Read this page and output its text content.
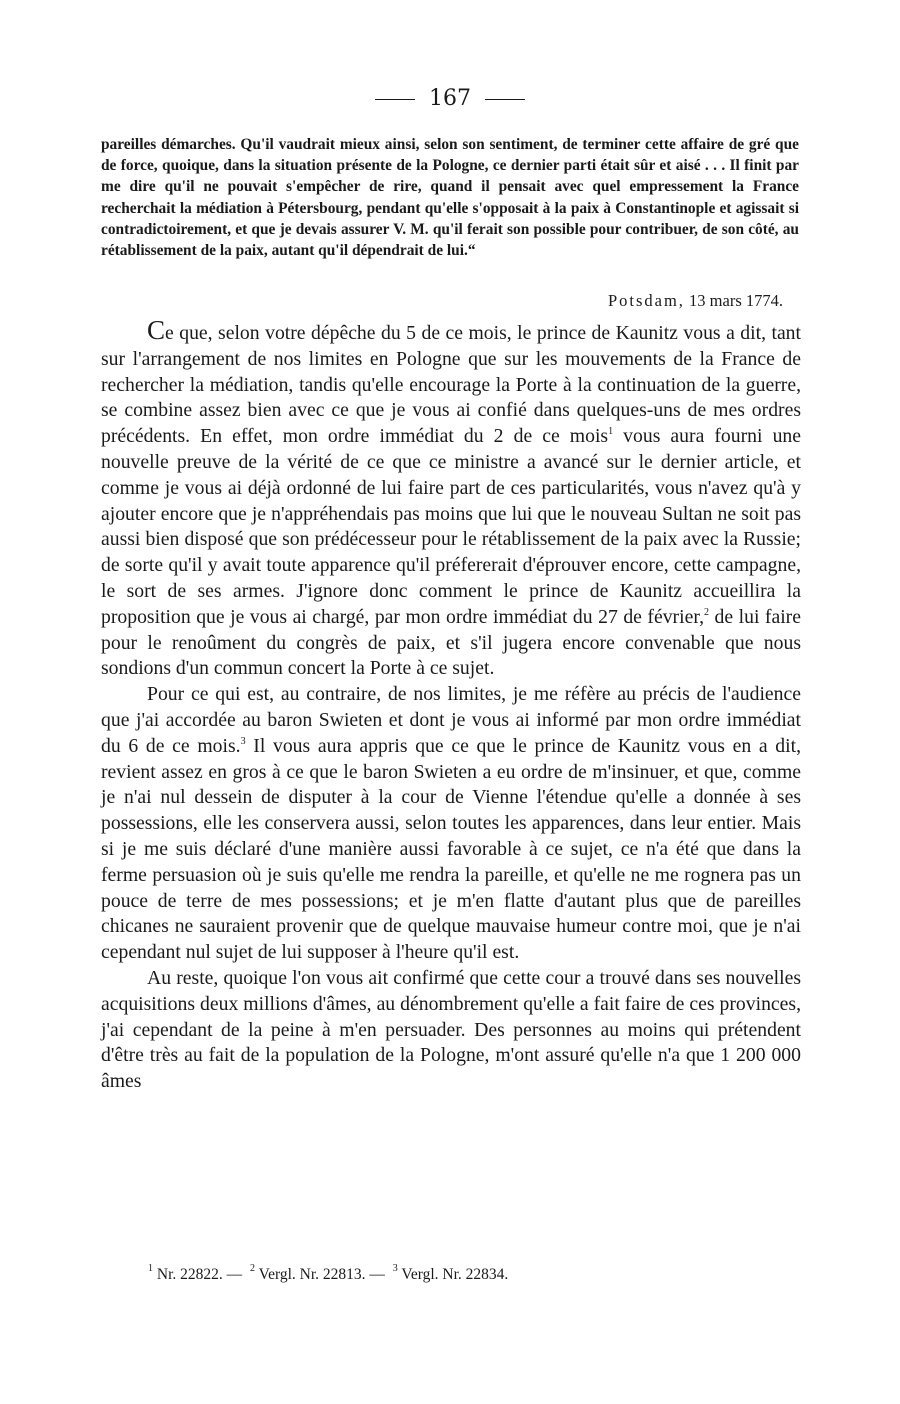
167
pareilles démarches. Qu'il vaudrait mieux ainsi, selon son sentiment, de terminer cette affaire de gré que de force, quoique, dans la situation présente de la Pologne, ce dernier parti était sûr et aisé . . . Il finit par me dire qu'il ne pouvait s'empêcher de rire, quand il pensait avec quel empressement la France recherchait la médiation à Pétersbourg, pendant qu'elle s'opposait à la paix à Constantinople et agissait si contradictoirement, et que je devais assurer V. M. qu'il ferait son possible pour contribuer, de son côté, au rétablissement de la paix, autant qu'il dépendrait de lui.“
Potsdam, 13 mars 1774.

Ce que, selon votre dépêche du 5 de ce mois, le prince de Kaunitz vous a dit, tant sur l'arrangement de nos limites en Pologne que sur les mouvements de la France de rechercher la médiation, tandis qu'elle encourage la Porte à la continuation de la guerre, se combine assez bien avec ce que je vous ai confié dans quelques-uns de mes ordres précédents. En effet, mon ordre immédiat du 2 de ce mois$^1$ vous aura fourni une nouvelle preuve de la vérité de ce que ce ministre a avancé sur le dernier article, et comme je vous ai déjà ordonné de lui faire part de ces particularités, vous n'avez qu'à y ajouter encore que je n'appréhendais pas moins que lui que le nouveau Sultan ne soit pas aussi bien disposé que son prédécesseur pour le rétablissement de la paix avec la Russie; de sorte qu'il y avait toute apparence qu'il préfererait d'éprouver encore, cette campagne, le sort de ses armes. J'ignore donc comment le prince de Kaunitz accueillira la proposition que je vous ai chargé, par mon ordre immédiat du 27 de février,$^2$ de lui faire pour le renoûment du congrès de paix, et s'il jugera encore convenable que nous sondions d'un commun concert la Porte à ce sujet.

Pour ce qui est, au contraire, de nos limites, je me réfère au précis de l'audience que j'ai accordée au baron Swieten et dont je vous ai informé par mon ordre immédiat du 6 de ce mois.$^3$ Il vous aura appris que ce que le prince de Kaunitz vous en a dit, revient assez en gros à ce que le baron Swieten a eu ordre de m'insinuer, et que, comme je n'ai nul dessein de disputer à la cour de Vienne l'étendue qu'elle a donnée à ses possessions, elle les conservera aussi, selon toutes les apparences, dans leur entier. Mais si je me suis déclaré d'une manière aussi favorable à ce sujet, ce n'a été que dans la ferme persuasion où je suis qu'elle me rendra la pareille, et qu'elle ne me rognera pas un pouce de terre de mes possessions; et je m'en flatte d'autant plus que de pareilles chicanes ne sauraient provenir que de quelque mauvaise humeur contre moi, que je n'ai cependant nul sujet de lui supposer à l'heure qu'il est.

Au reste, quoique l'on vous ait confirmé que cette cour a trouvé dans ses nouvelles acquisitions deux millions d'âmes, au dénombrement qu'elle a fait faire de ces provinces, j'ai cependant de la peine à m'en persuader. Des personnes au moins qui prétendent d'être très au fait de la population de la Pologne, m'ont assuré qu'elle n'a que 1 200 000 âmes

$^1$ Nr. 22822. — $^2$ Vergl. Nr. 22813. — $^3$ Vergl. Nr. 22834.
